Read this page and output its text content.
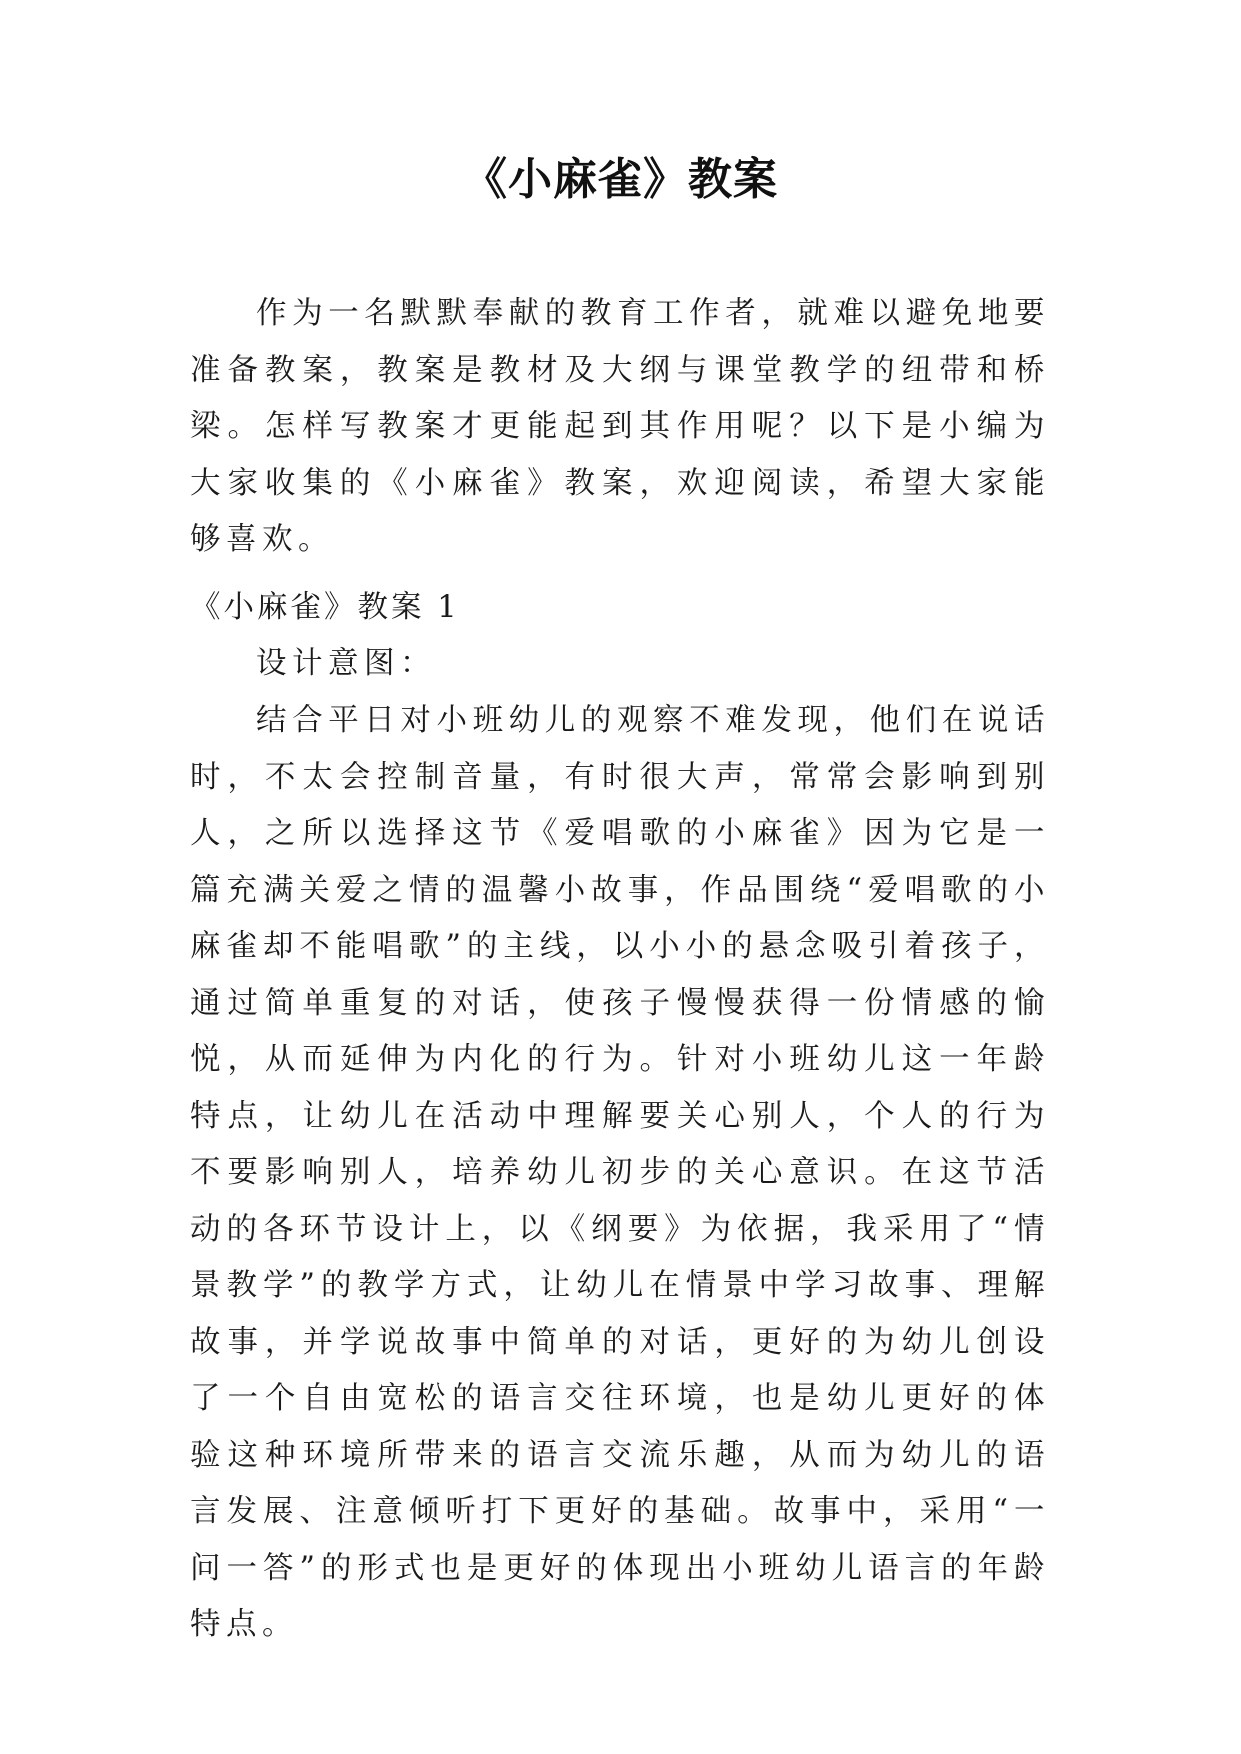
《小麻雀》教案

作为一名默默奉献的教育工作者，就难以避免地要准备教案，教案是教材及大纲与课堂教学的纽带和桥梁。怎样写教案才更能起到其作用呢？以下是小编为大家收集的《小麻雀》教案，欢迎阅读，希望大家能够喜欢。

《小麻雀》教案 1

设计意图：

结合平日对小班幼儿的观察不难发现，他们在说话时，不太会控制音量，有时很大声，常常会影响到别人，之所以选择这节《爱唱歌的小麻雀》因为它是一篇充满关爱之情的温馨小故事，作品围绕“爱唱歌的小麻雀却不能唱歌”的主线，以小小的悬念吸引着孩子，通过简单重复的对话，使孩子慢慢获得一份情感的愉悦，从而延伸为内化的行为。针对小班幼儿这一年龄特点，让幼儿在活动中理解要关心别人，个人的行为不要影响别人，培养幼儿初步的关心意识。在这节活动的各环节设计上，以《纲要》为依据，我采用了“情景教学”的教学方式，让幼儿在情景中学习故事、理解故事，并学说故事中简单的对话，更好的为幼儿创设了一个自由宽松的语言交往环境，也是幼儿更好的体验这种环境所带来的语言交流乐趣，从而为幼儿的语言发展、注意倾听打下更好的基础。故事中，采用“一问一答”的形式也是更好的体现出小班幼儿语言的年龄特点。
